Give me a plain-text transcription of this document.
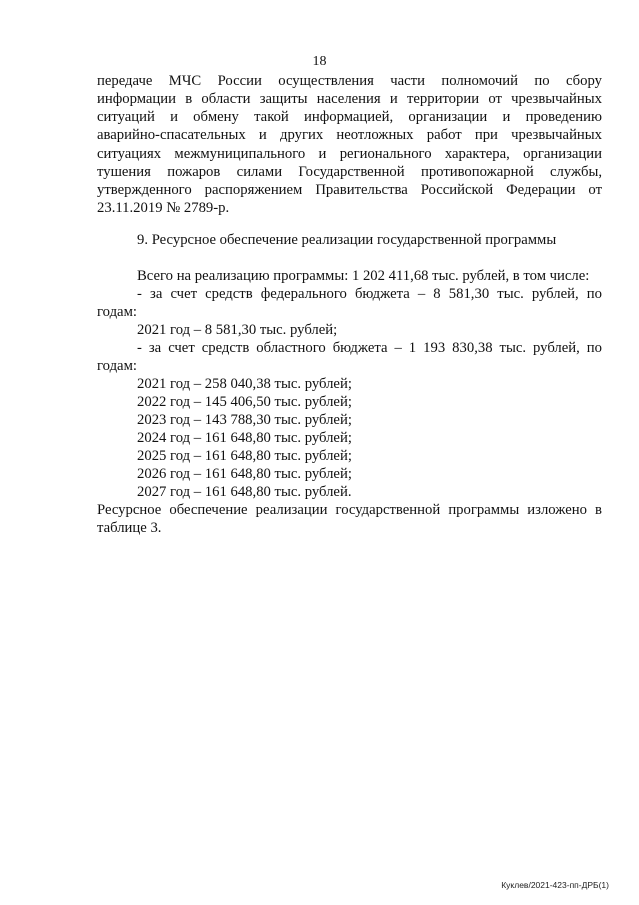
18
передаче МЧС России осуществления части полномочий по сбору
информации в области защиты населения и территории от чрезвычайных
ситуаций и обмену такой информацией, организации и проведению
аварийно-спасательных и других неотложных работ при чрезвычайных
ситуациях межмуниципального и регионального характера, организации
тушения пожаров силами Государственной противопожарной службы,
утвержденного распоряжением Правительства Российской Федерации от
23.11.2019 № 2789-р.
9. Ресурсное обеспечение реализации государственной программы
Всего на реализацию программы: 1 202 411,68 тыс. рублей, в том числе:
- за счет средств федерального бюджета – 8 581,30 тыс. рублей, по
годам:
2021 год – 8 581,30 тыс. рублей;
- за счет средств областного бюджета – 1 193 830,38 тыс. рублей, по
годам:
2021 год – 258 040,38 тыс. рублей;
2022 год – 145 406,50 тыс. рублей;
2023 год – 143 788,30 тыс. рублей;
2024 год – 161 648,80 тыс. рублей;
2025 год – 161 648,80 тыс. рублей;
2026 год – 161 648,80 тыс. рублей;
2027 год – 161 648,80 тыс. рублей.
Ресурсное обеспечение реализации государственной программы изложено в
таблице 3.
Куклев/2021-423-пп-ДРБ(1)
